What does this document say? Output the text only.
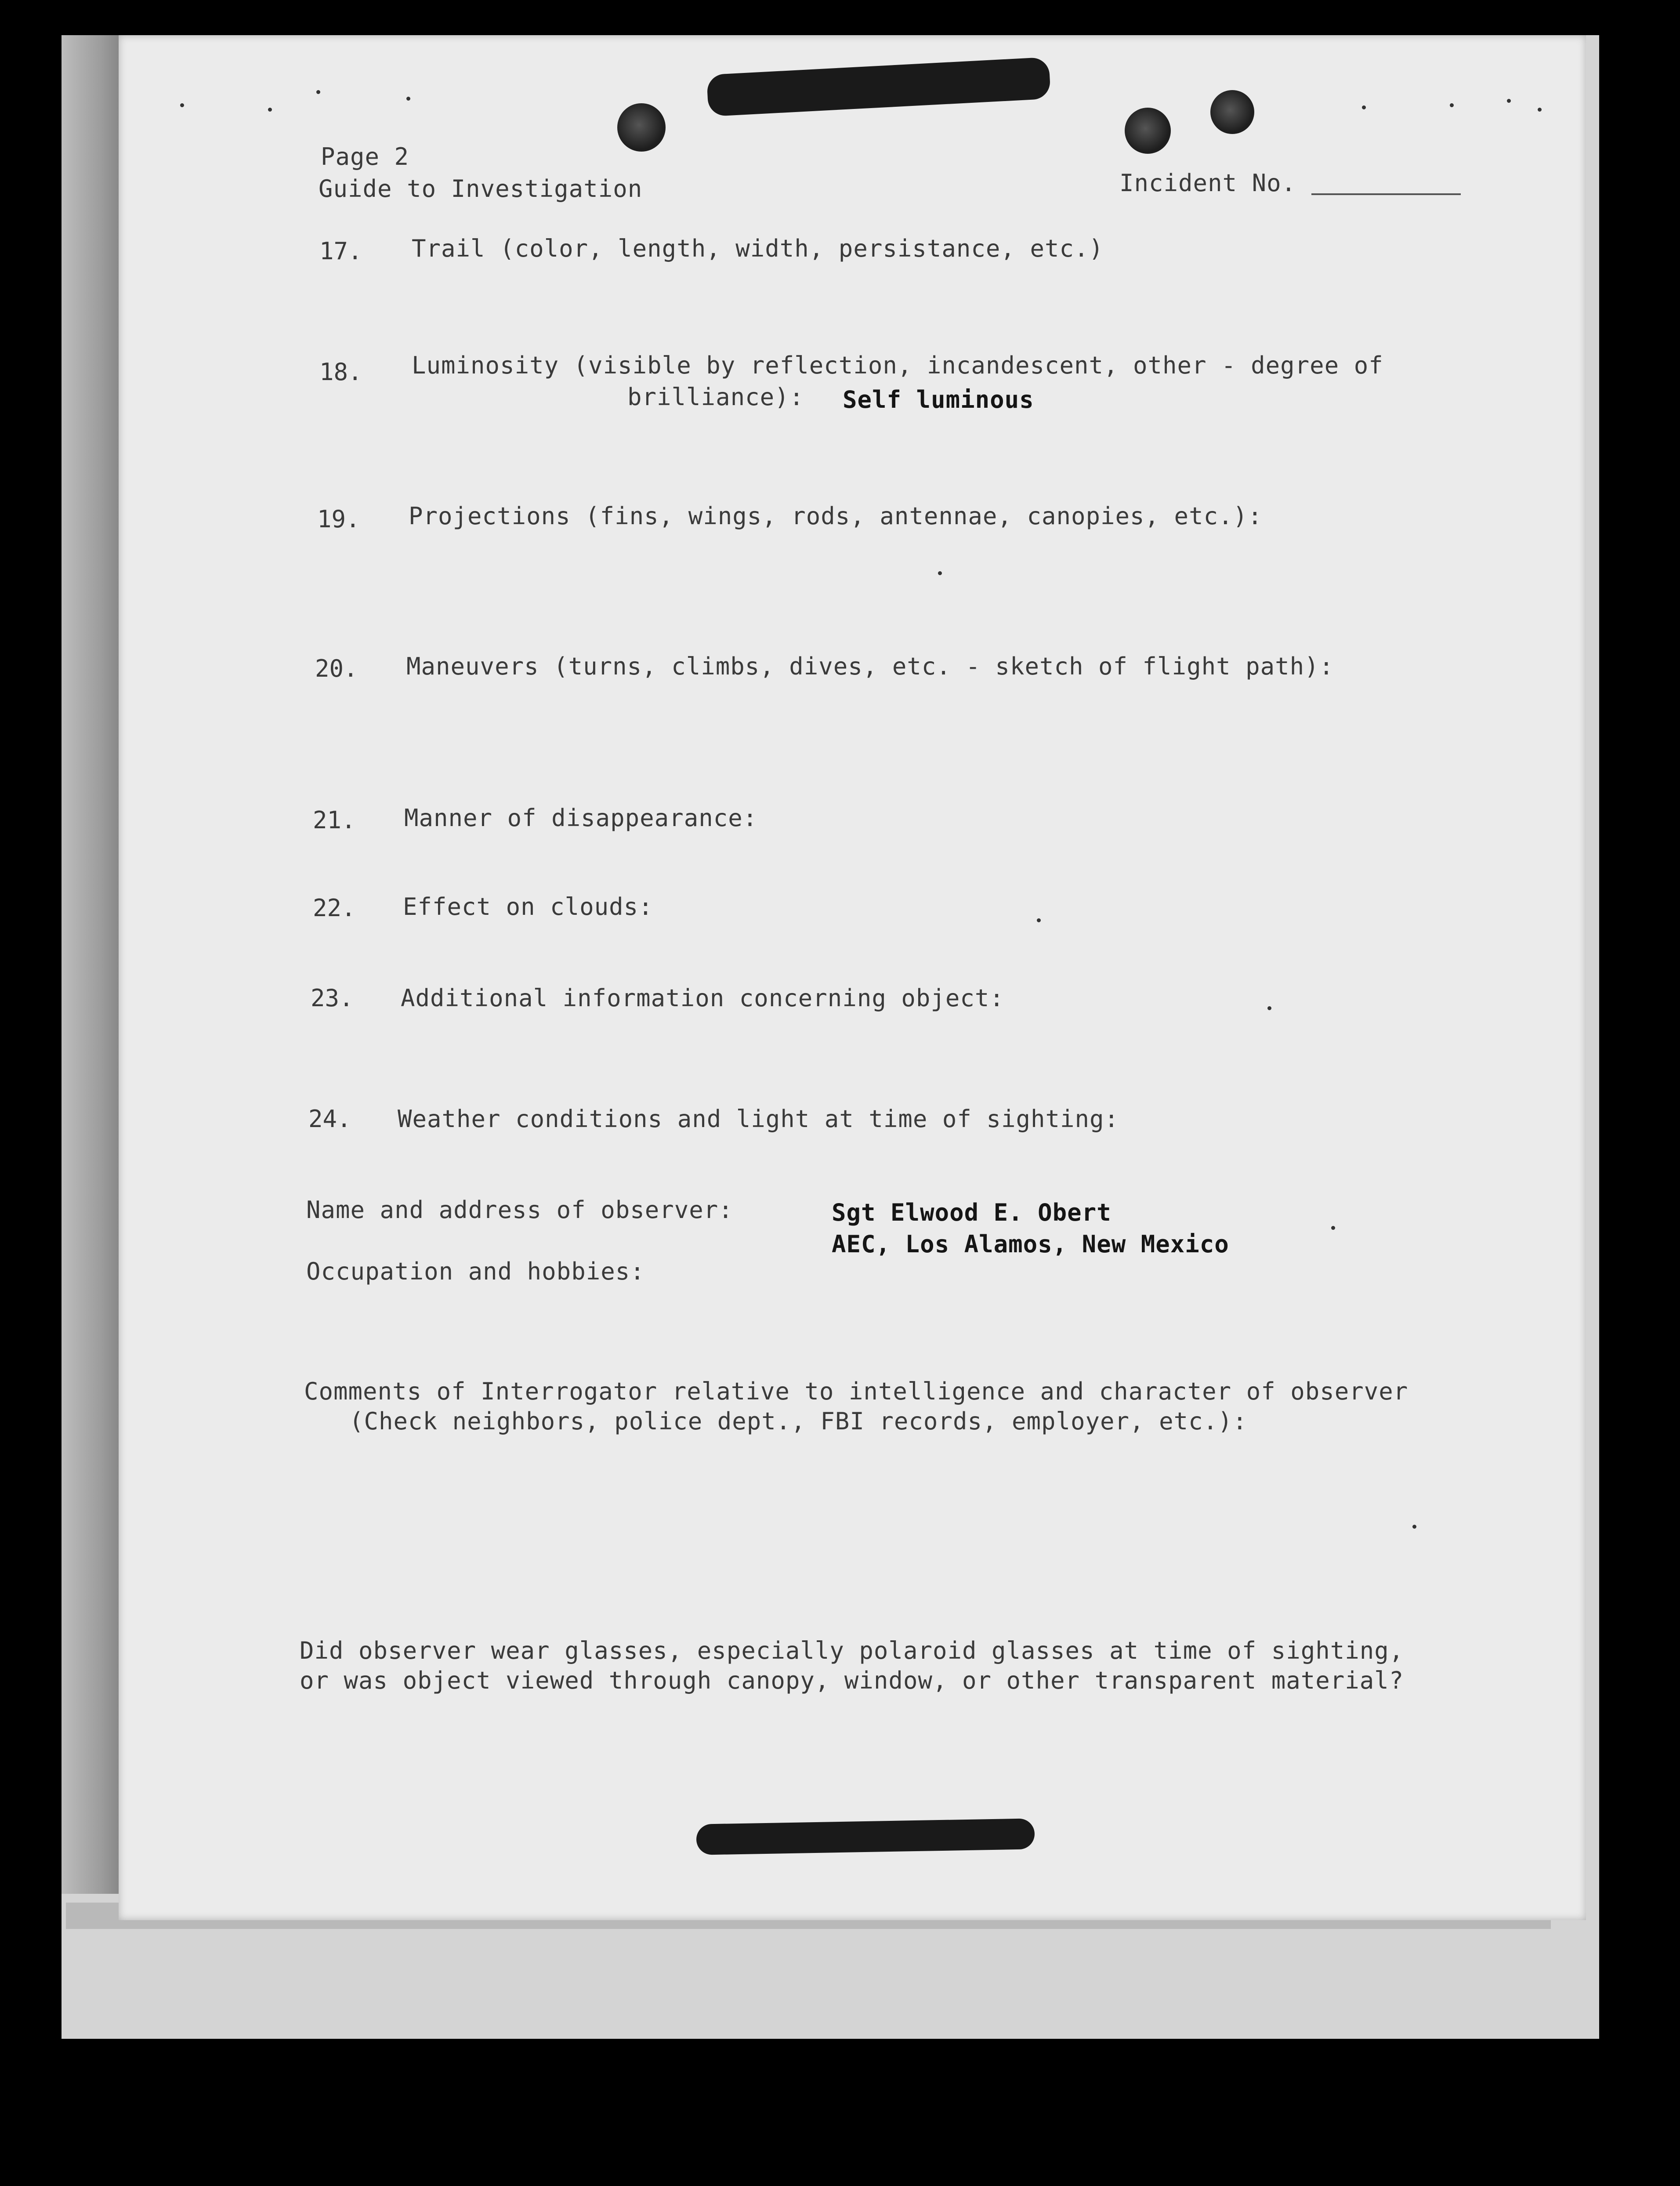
Page 2
Guide to Investigation	Incident No.
17. Trail (color, length, width, persistance, etc.)
18. Luminosity (visible by reflection, incandescent, other - degree of
brilliance): Self luminous
19. Projections (fins, wings, rods, antennae, canopies, etc.):
20. Maneuvers (turns, climbs, dives, etc. - sketch of flight path):
21. Manner of disappearance:
22. Effect on clouds:
23. Additional information concerning object:
24. Weather conditions and light at time of sighting:
Name and address of observer:	Sgt Elwood E. Obert
AEC, Los Alamos, New Mexico
Occupation and hobbies:
Comments of Interrogator relative to intelligence and character of observer
(Check neighbors, police dept., FBI records, employer, etc.):
Did observer wear glasses, especially polaroid glasses at time of sighting,
or was object viewed through canopy, window, or other transparent material?
